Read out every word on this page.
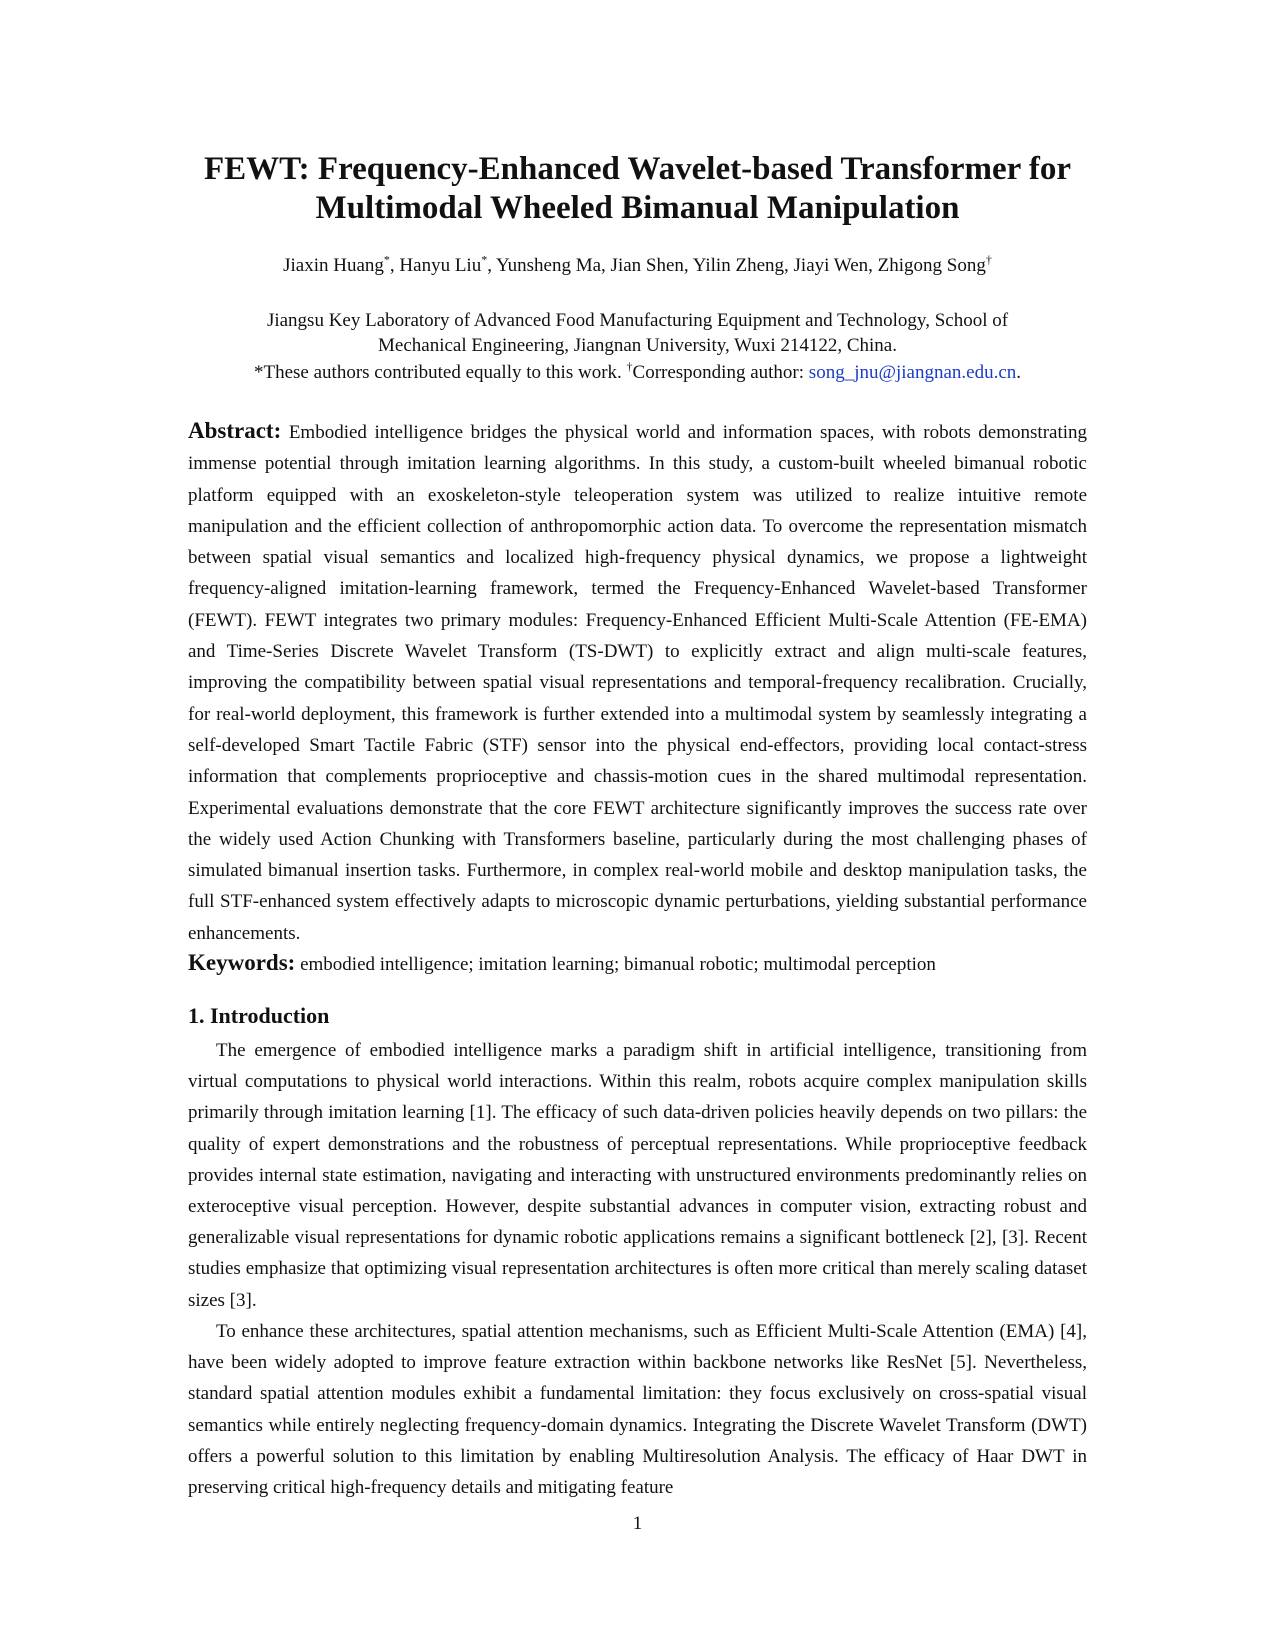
FEWT: Frequency-Enhanced Wavelet-based Transformer for
Multimodal Wheeled Bimanual Manipulation
Jiaxin Huang*, Hanyu Liu*, Yunsheng Ma, Jian Shen, Yilin Zheng, Jiayi Wen, Zhigong Song†
Jiangsu Key Laboratory of Advanced Food Manufacturing Equipment and Technology, School of
Mechanical Engineering, Jiangnan University, Wuxi 214122, China.
*These authors contributed equally to this work. †Corresponding author: song_jnu@jiangnan.edu.cn.
Abstract: Embodied intelligence bridges the physical world and information spaces, with robots demonstrating immense potential through imitation learning algorithms. In this study, a custom-built wheeled bimanual robotic platform equipped with an exoskeleton-style teleoperation system was utilized to realize intuitive remote manipulation and the efficient collection of anthropomorphic action data. To overcome the representation mismatch between spatial visual semantics and localized high-frequency physical dynamics, we propose a lightweight frequency-aligned imitation-learning framework, termed the Frequency-Enhanced Wavelet-based Transformer (FEWT). FEWT integrates two primary modules: Frequency-Enhanced Efficient Multi-Scale Attention (FE-EMA) and Time-Series Discrete Wavelet Transform (TS-DWT) to explicitly extract and align multi-scale features, improving the compatibility between spatial visual representations and temporal-frequency recalibration. Crucially, for real-world deployment, this framework is further extended into a multimodal system by seamlessly integrating a self-developed Smart Tactile Fabric (STF) sensor into the physical end-effectors, providing local contact-stress information that complements proprioceptive and chassis-motion cues in the shared multimodal representation. Experimental evaluations demonstrate that the core FEWT architecture significantly improves the success rate over the widely used Action Chunking with Transformers baseline, particularly during the most challenging phases of simulated bimanual insertion tasks. Furthermore, in complex real-world mobile and desktop manipulation tasks, the full STF-enhanced system effectively adapts to microscopic dynamic perturbations, yielding substantial performance enhancements.
Keywords: embodied intelligence; imitation learning; bimanual robotic; multimodal perception
1. Introduction
The emergence of embodied intelligence marks a paradigm shift in artificial intelligence, transitioning from virtual computations to physical world interactions. Within this realm, robots acquire complex manipulation skills primarily through imitation learning [1]. The efficacy of such data-driven policies heavily depends on two pillars: the quality of expert demonstrations and the robustness of perceptual representations. While proprioceptive feedback provides internal state estimation, navigating and interacting with unstructured environments predominantly relies on exteroceptive visual perception. However, despite substantial advances in computer vision, extracting robust and generalizable visual representations for dynamic robotic applications remains a significant bottleneck [2], [3]. Recent studies emphasize that optimizing visual representation architectures is often more critical than merely scaling dataset sizes [3].
To enhance these architectures, spatial attention mechanisms, such as Efficient Multi-Scale Attention (EMA) [4], have been widely adopted to improve feature extraction within backbone networks like ResNet [5]. Nevertheless, standard spatial attention modules exhibit a fundamental limitation: they focus exclusively on cross-spatial visual semantics while entirely neglecting frequency-domain dynamics. Integrating the Discrete Wavelet Transform (DWT) offers a powerful solution to this limitation by enabling Multiresolution Analysis. The efficacy of Haar DWT in preserving critical high-frequency details and mitigating feature
1
